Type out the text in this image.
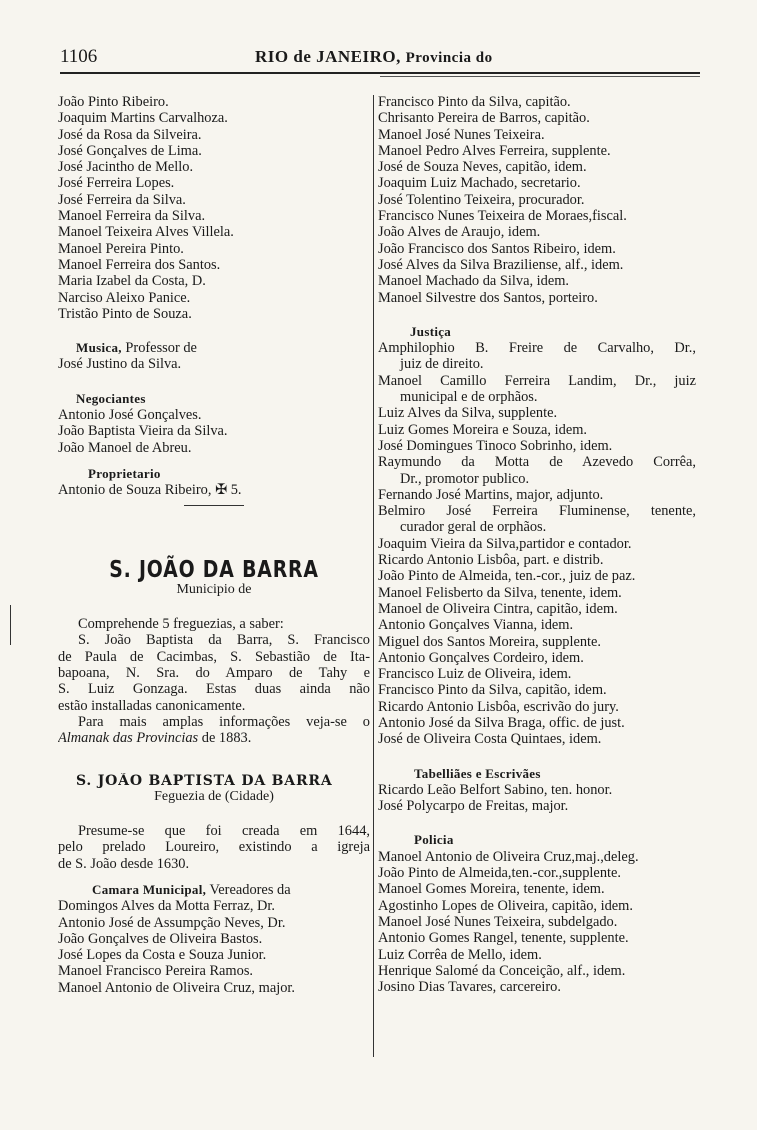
1106	RIO de JANEIRO, Provincia do
João Pinto Ribeiro.
Joaquim Martins Carvalhoza.
José da Rosa da Silveira.
José Gonçalves de Lima.
José Jacintho de Mello.
José Ferreira Lopes.
José Ferreira da Silva.
Manoel Ferreira da Silva.
Manoel Teixeira Alves Villela.
Manoel Pereira Pinto.
Manoel Ferreira dos Santos.
Maria Izabel da Costa, D.
Narciso Aleixo Panice.
Tristão Pinto de Souza.
Musica, Professor de
José Justino da Silva.
Negociantes
Antonio José Gonçalves.
João Baptista Vieira da Silva.
João Manoel de Abreu.
Proprietario
Antonio de Souza Ribeiro, ✠ 5.
S. JOÃO DA BARRA
Municipio de
Comprehende 5 freguezias, a saber:
S. João Baptista da Barra, S. Francisco
de Paula de Cacimbas, S. Sebastião de Ita-
bapoana, N. Sra. do Amparo de Tahy e
S. Luiz Gonzaga. Estas duas ainda não
estão installadas canonicamente.
Para mais amplas informações veja-se o
Almanak das Provincias de 1883.
S. JOÃO BAPTISTA DA BARRA
Feguezia de (Cidade)
Presume-se que foi creada em 1644,
pelo prelado Loureiro, existindo a igreja
de S. João desde 1630.
Camara Municipal, Vereadores da
Domingos Alves da Motta Ferraz, Dr.
Antonio José de Assumpção Neves, Dr.
João Gonçalves de Oliveira Bastos.
José Lopes da Costa e Souza Junior.
Manoel Francisco Pereira Ramos.
Manoel Antonio de Oliveira Cruz, major.
Francisco Pinto da Silva, capitão.
Chrisanto Pereira de Barros, capitão.
Manoel José Nunes Teixeira.
Manoel Pedro Alves Ferreira, supplente.
José de Souza Neves, capitão, idem.
Joaquim Luiz Machado, secretario.
José Tolentino Teixeira, procurador.
Francisco Nunes Teixeira de Moraes,fiscal.
João Alves de Araujo, idem.
João Francisco dos Santos Ribeiro, idem.
José Alves da Silva Braziliense, alf., idem.
Manoel Machado da Silva, idem.
Manoel Silvestre dos Santos, porteiro.
Justiça
Amphilophio B. Freire de Carvalho, Dr.,
juiz de direito.
Manoel Camillo Ferreira Landim, Dr., juiz
municipal e de orphãos.
Luiz Alves da Silva, supplente.
Luiz Gomes Moreira e Souza, idem.
José Domingues Tinoco Sobrinho, idem.
Raymundo da Motta de Azevedo Corrêa,
Dr., promotor publico.
Fernando José Martins, major, adjunto.
Belmiro José Ferreira Fluminense, tenente,
curador geral de orphãos.
Joaquim Vieira da Silva,partidor e contador.
Ricardo Antonio Lisbôa, part. e distrib.
João Pinto de Almeida, ten.-cor., juiz de paz.
Manoel Felisberto da Silva, tenente, idem.
Manoel de Oliveira Cintra, capitão, idem.
Antonio Gonçalves Vianna, idem.
Miguel dos Santos Moreira, supplente.
Antonio Gonçalves Cordeiro, idem.
Francisco Luiz de Oliveira, idem.
Francisco Pinto da Silva, capitão, idem.
Ricardo Antonio Lisbôa, escrivão do jury.
Antonio José da Silva Braga, offic. de just.
José de Oliveira Costa Quintaes, idem.
Tabelliães e Escrivães
Ricardo Leão Belfort Sabino, ten. honor.
José Polycarpo de Freitas, major.
Policia
Manoel Antonio de Oliveira Cruz,maj.,deleg.
João Pinto de Almeida,ten.-cor.,supplente.
Manoel Gomes Moreira, tenente, idem.
Agostinho Lopes de Oliveira, capitão, idem.
Manoel José Nunes Teixeira, subdelgado.
Antonio Gomes Rangel, tenente, supplente.
Luiz Corrêa de Mello, idem.
Henrique Salomé da Conceição, alf., idem.
Josino Dias Tavares, carcereiro.
